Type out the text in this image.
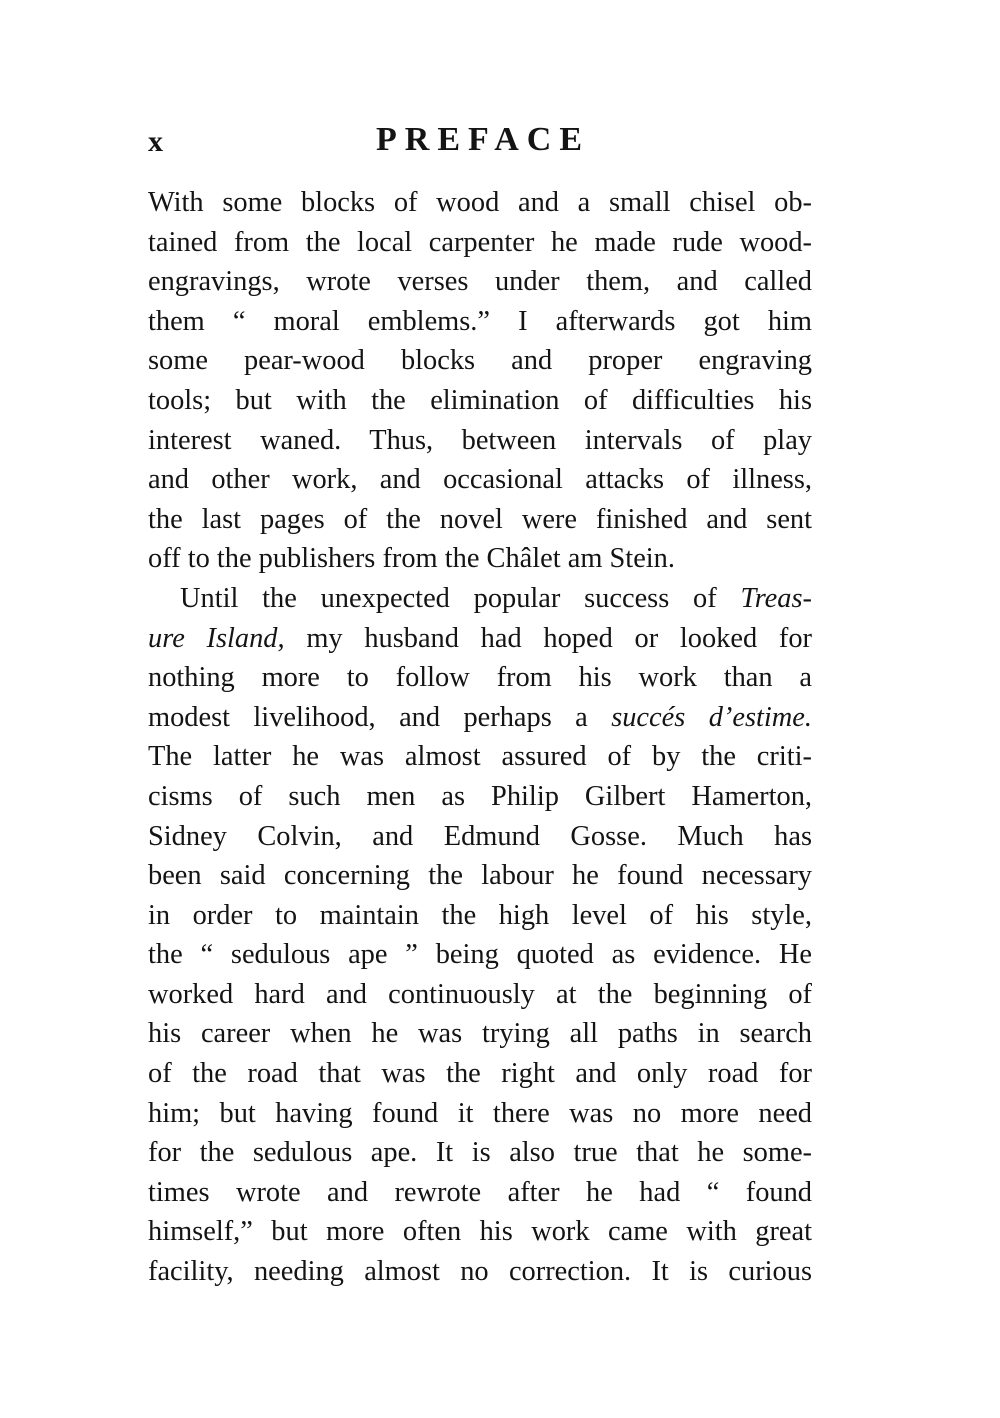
x	PREFACE
With some blocks of wood and a small chisel ob-
tained from the local carpenter he made rude wood-
engravings, wrote verses under them, and called
them “ moral emblems.” I afterwards got him
some pear-wood blocks and proper engraving
tools; but with the elimination of difficulties his
interest waned. Thus, between intervals of play
and other work, and occasional attacks of illness,
the last pages of the novel were finished and sent
off to the publishers from the Châlet am Stein.
Until the unexpected popular success of Treas-
ure Island, my husband had hoped or looked for
nothing more to follow from his work than a
modest livelihood, and perhaps a succés d’estime.
The latter he was almost assured of by the criti-
cisms of such men as Philip Gilbert Hamerton,
Sidney Colvin, and Edmund Gosse. Much has
been said concerning the labour he found necessary
in order to maintain the high level of his style,
the “ sedulous ape ” being quoted as evidence. He
worked hard and continuously at the beginning of
his career when he was trying all paths in search
of the road that was the right and only road for
him; but having found it there was no more need
for the sedulous ape. It is also true that he some-
times wrote and rewrote after he had “ found
himself,” but more often his work came with great
facility, needing almost no correction. It is curious
